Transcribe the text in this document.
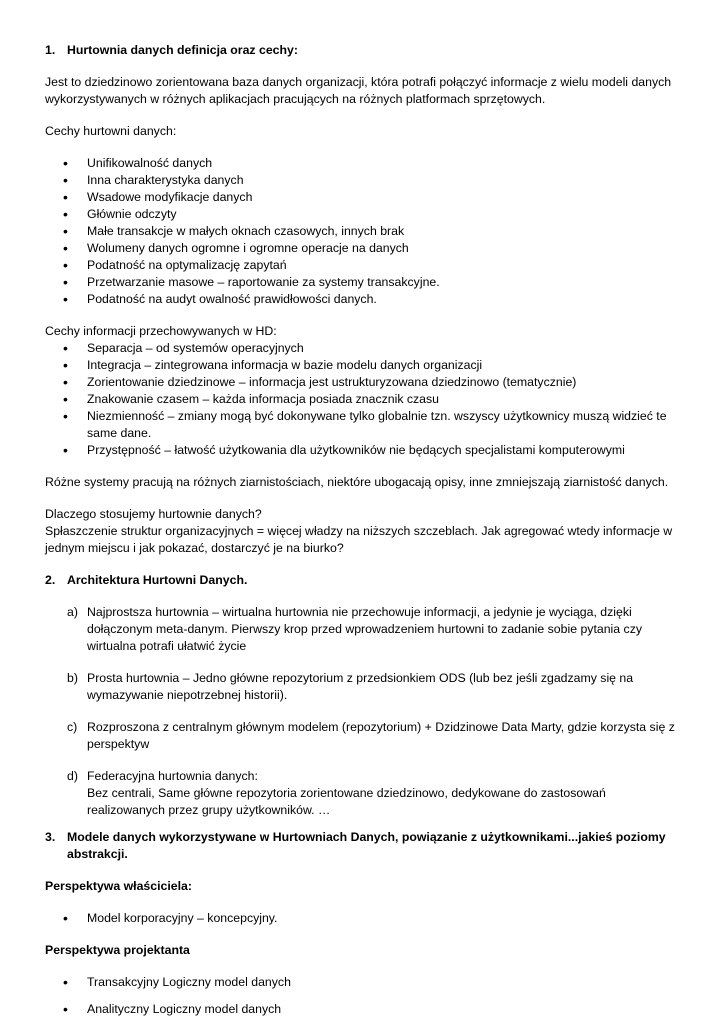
1. Hurtownia danych definicja oraz cechy:

Jest to dziedzinowo zorientowana baza danych organizacji, która potrafi połączyć informacje z wielu modeli danych wykorzystywanych w różnych aplikacjach pracujących na różnych platformach sprzętowych.

Cechy hurtowni danych:

• Unifikowalność danych
• Inna charakterystyka danych
• Wsadowe modyfikacje danych
• Głównie odczyty
• Małe transakcje w małych oknach czasowych, innych brak
• Wolumeny danych ogromne i ogromne operacje na danych
• Podatność na optymalizację zapytań
• Przetwarzanie masowe – raportowanie za systemy transakcyjne.
• Podatność na audyt owalność prawidłowości danych.

Cechy informacji przechowywanych w HD:

• Separacja – od systemów operacyjnych
• Integracja – zintegrowana informacja w bazie modelu danych organizacji
• Zorientowanie dziedzinowe – informacja jest ustrukturyzowana dziedzinowo (tematycznie)
• Znakowanie czasem – każda informacja posiada znacznik czasu
• Niezmienność – zmiany mogą być dokonywane tylko globalnie tzn. wszyscy użytkownicy muszą widzieć te same dane.
• Przystępność – łatwość użytkowania dla użytkowników nie będących specjalistami komputerowymi

Różne systemy pracują na różnych ziarnistościach, niektóre ubogacają opisy, inne zmniejszają ziarnistość danych.

Dlaczego stosujemy hurtownie danych?

Spłaszczenie struktur organizacyjnych = więcej władzy na niższych szczeblach. Jak agregować wtedy informacje w jednym miejscu i jak pokazać, dostarczyć je na biurko?

2. Architektura Hurtowni Danych.
a) Najprostsza hurtownia – wirtualna hurtownia nie przechowuje informacji, a jedynie je wyciąga, dzięki dołączonym meta-danym. Pierwszy krop przed wprowadzeniem hurtowni to zadanie sobie pytania czy wirtualna potrafi ułatwić życie

b) Prosta hurtownia – Jedno główne repozytorium z przedsionkiem ODS (lub bez jeśli zgadzamy się na wymazywanie niepotrzebnej historii).

c) Rozproszona z centralnym głównym modelem (repozytorium) + Dzidzinowe Data Marty, gdzie korzysta się z perspektyw

d) Federacyjna hurtownia danych:

Bez centrali, Same główne repozytoria zorientowane dziedzinowo, dedykowane do zastosowań realizowanych przez grupy użytkowników. …

3. Modele danych wykorzystywane w Hurtowniach Danych, powiązanie z użytkownikami...jakieś poziomy abstrakcji.

Perspektywa właściciela:

• Model korporacyjny – koncepcyjny.

Perspektywa projektanta

• Transakcyjny Logiczny model danych
• Analityczny Logiczny model danych
